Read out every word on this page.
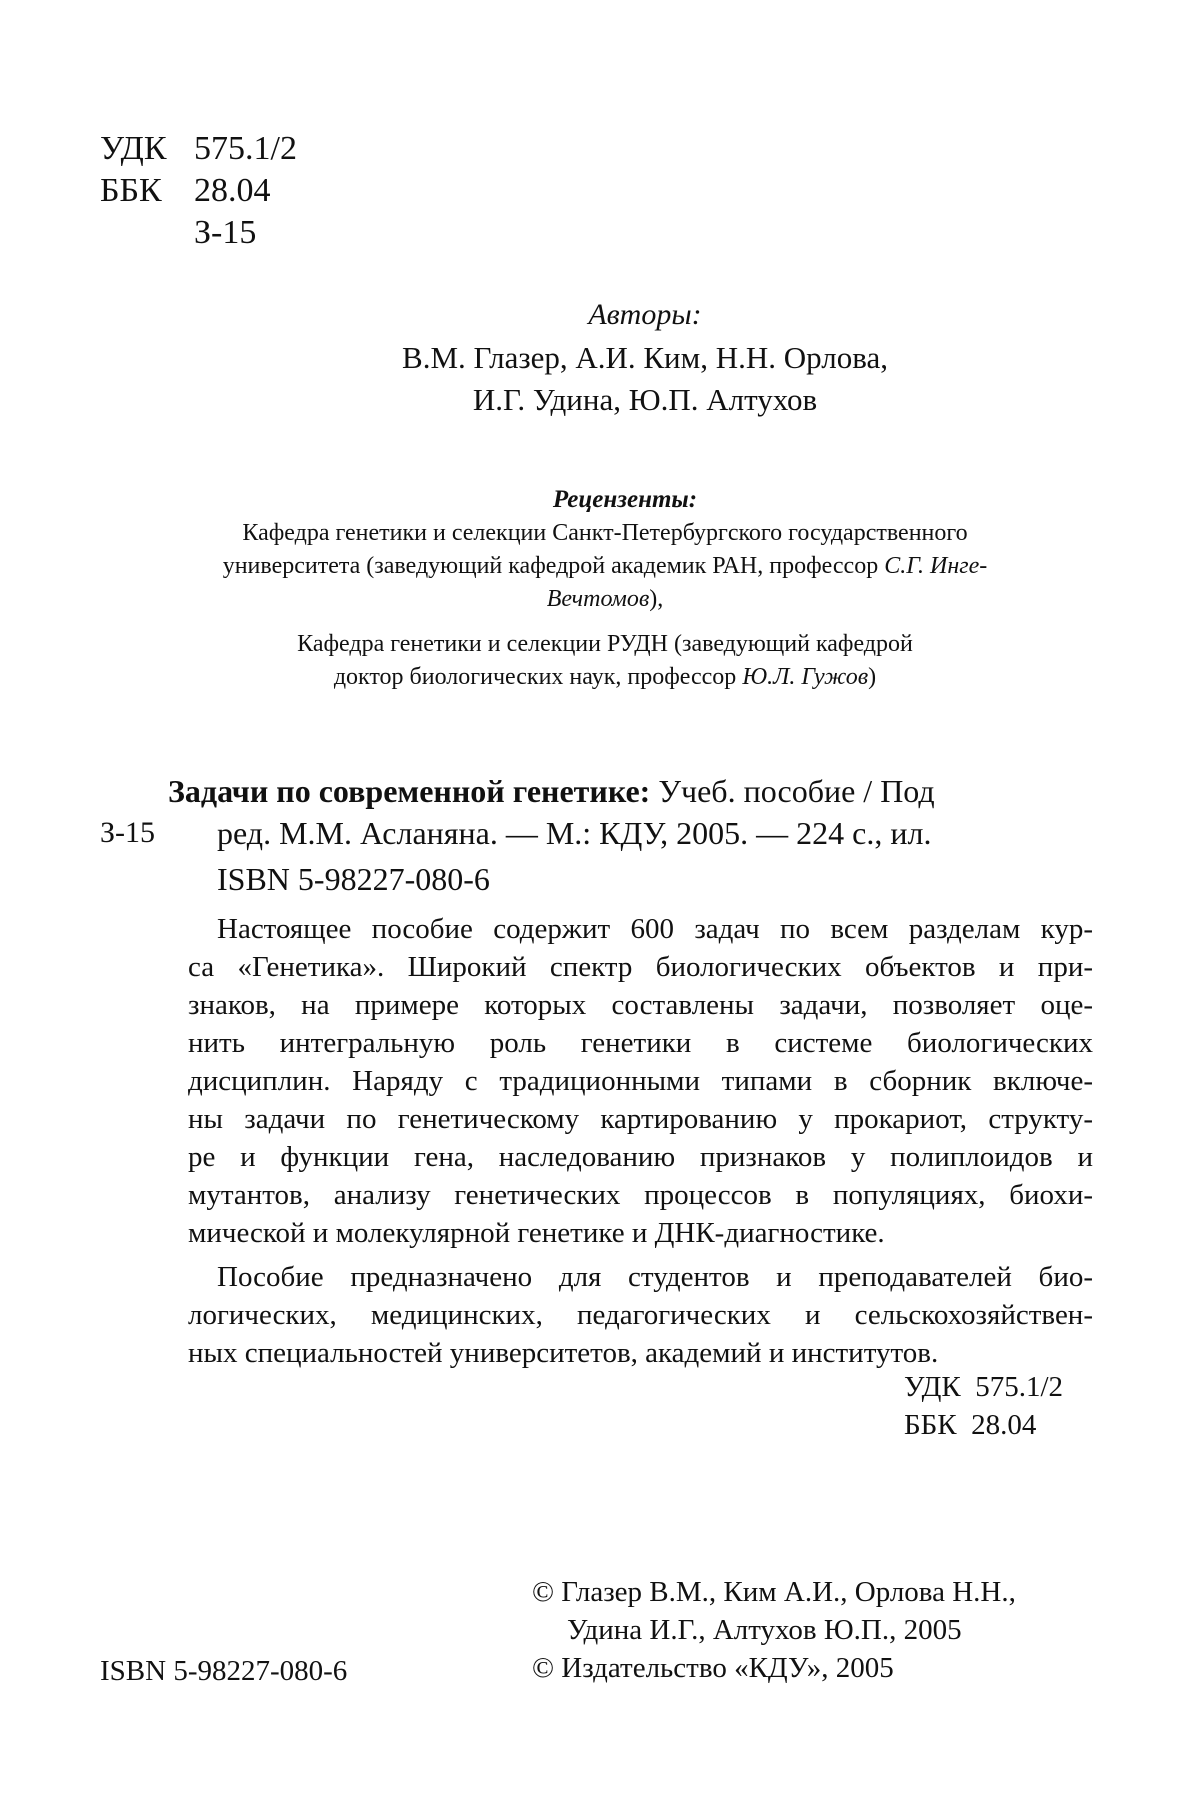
УДК 575.1/2
ББК 28.04
З-15
Авторы:
В.М. Глазер, А.И. Ким, Н.Н. Орлова,
И.Г. Удина, Ю.П. Алтухов
Рецензенты:
Кафедра генетики и селекции Санкт-Петербургского государственного
университета (заведующий кафедрой академик РАН, профессор С.Г. Инге-
Вечтомов),
Кафедра генетики и селекции РУДН (заведующий кафедрой
доктор биологических наук, профессор Ю.Л. Гужов)
Задачи по современной генетике: Учеб. пособие / Под
З-15 ред. М.М. Асланяна. — М.: КДУ, 2005. — 224 с., ил.
ISBN 5-98227-080-6
Настоящее пособие содержит 600 задач по всем разделам кур-
са «Генетика». Широкий спектр биологических объектов и при-
знаков, на примере которых составлены задачи, позволяет оце-
нить интегральную роль генетики в системе биологических
дисциплин. Наряду с традиционными типами в сборник включе-
ны задачи по генетическому картированию у прокариот, структу-
ре и функции гена, наследованию признаков у полиплоидов и
мутантов, анализу генетических процессов в популяциях, биохи-
мической и молекулярной генетике и ДНК-диагностике.
Пособие предназначено для студентов и преподавателей био-
логических, медицинских, педагогических и сельскохозяйствен-
ных специальностей университетов, академий и институтов.
УДК  575.1/2
ББК  28.04
ISBN 5-98227-080-6
© Глазер В.М., Ким А.И., Орлова Н.Н.,
Удина И.Г., Алтухов Ю.П., 2005
© Издательство «КДУ», 2005
